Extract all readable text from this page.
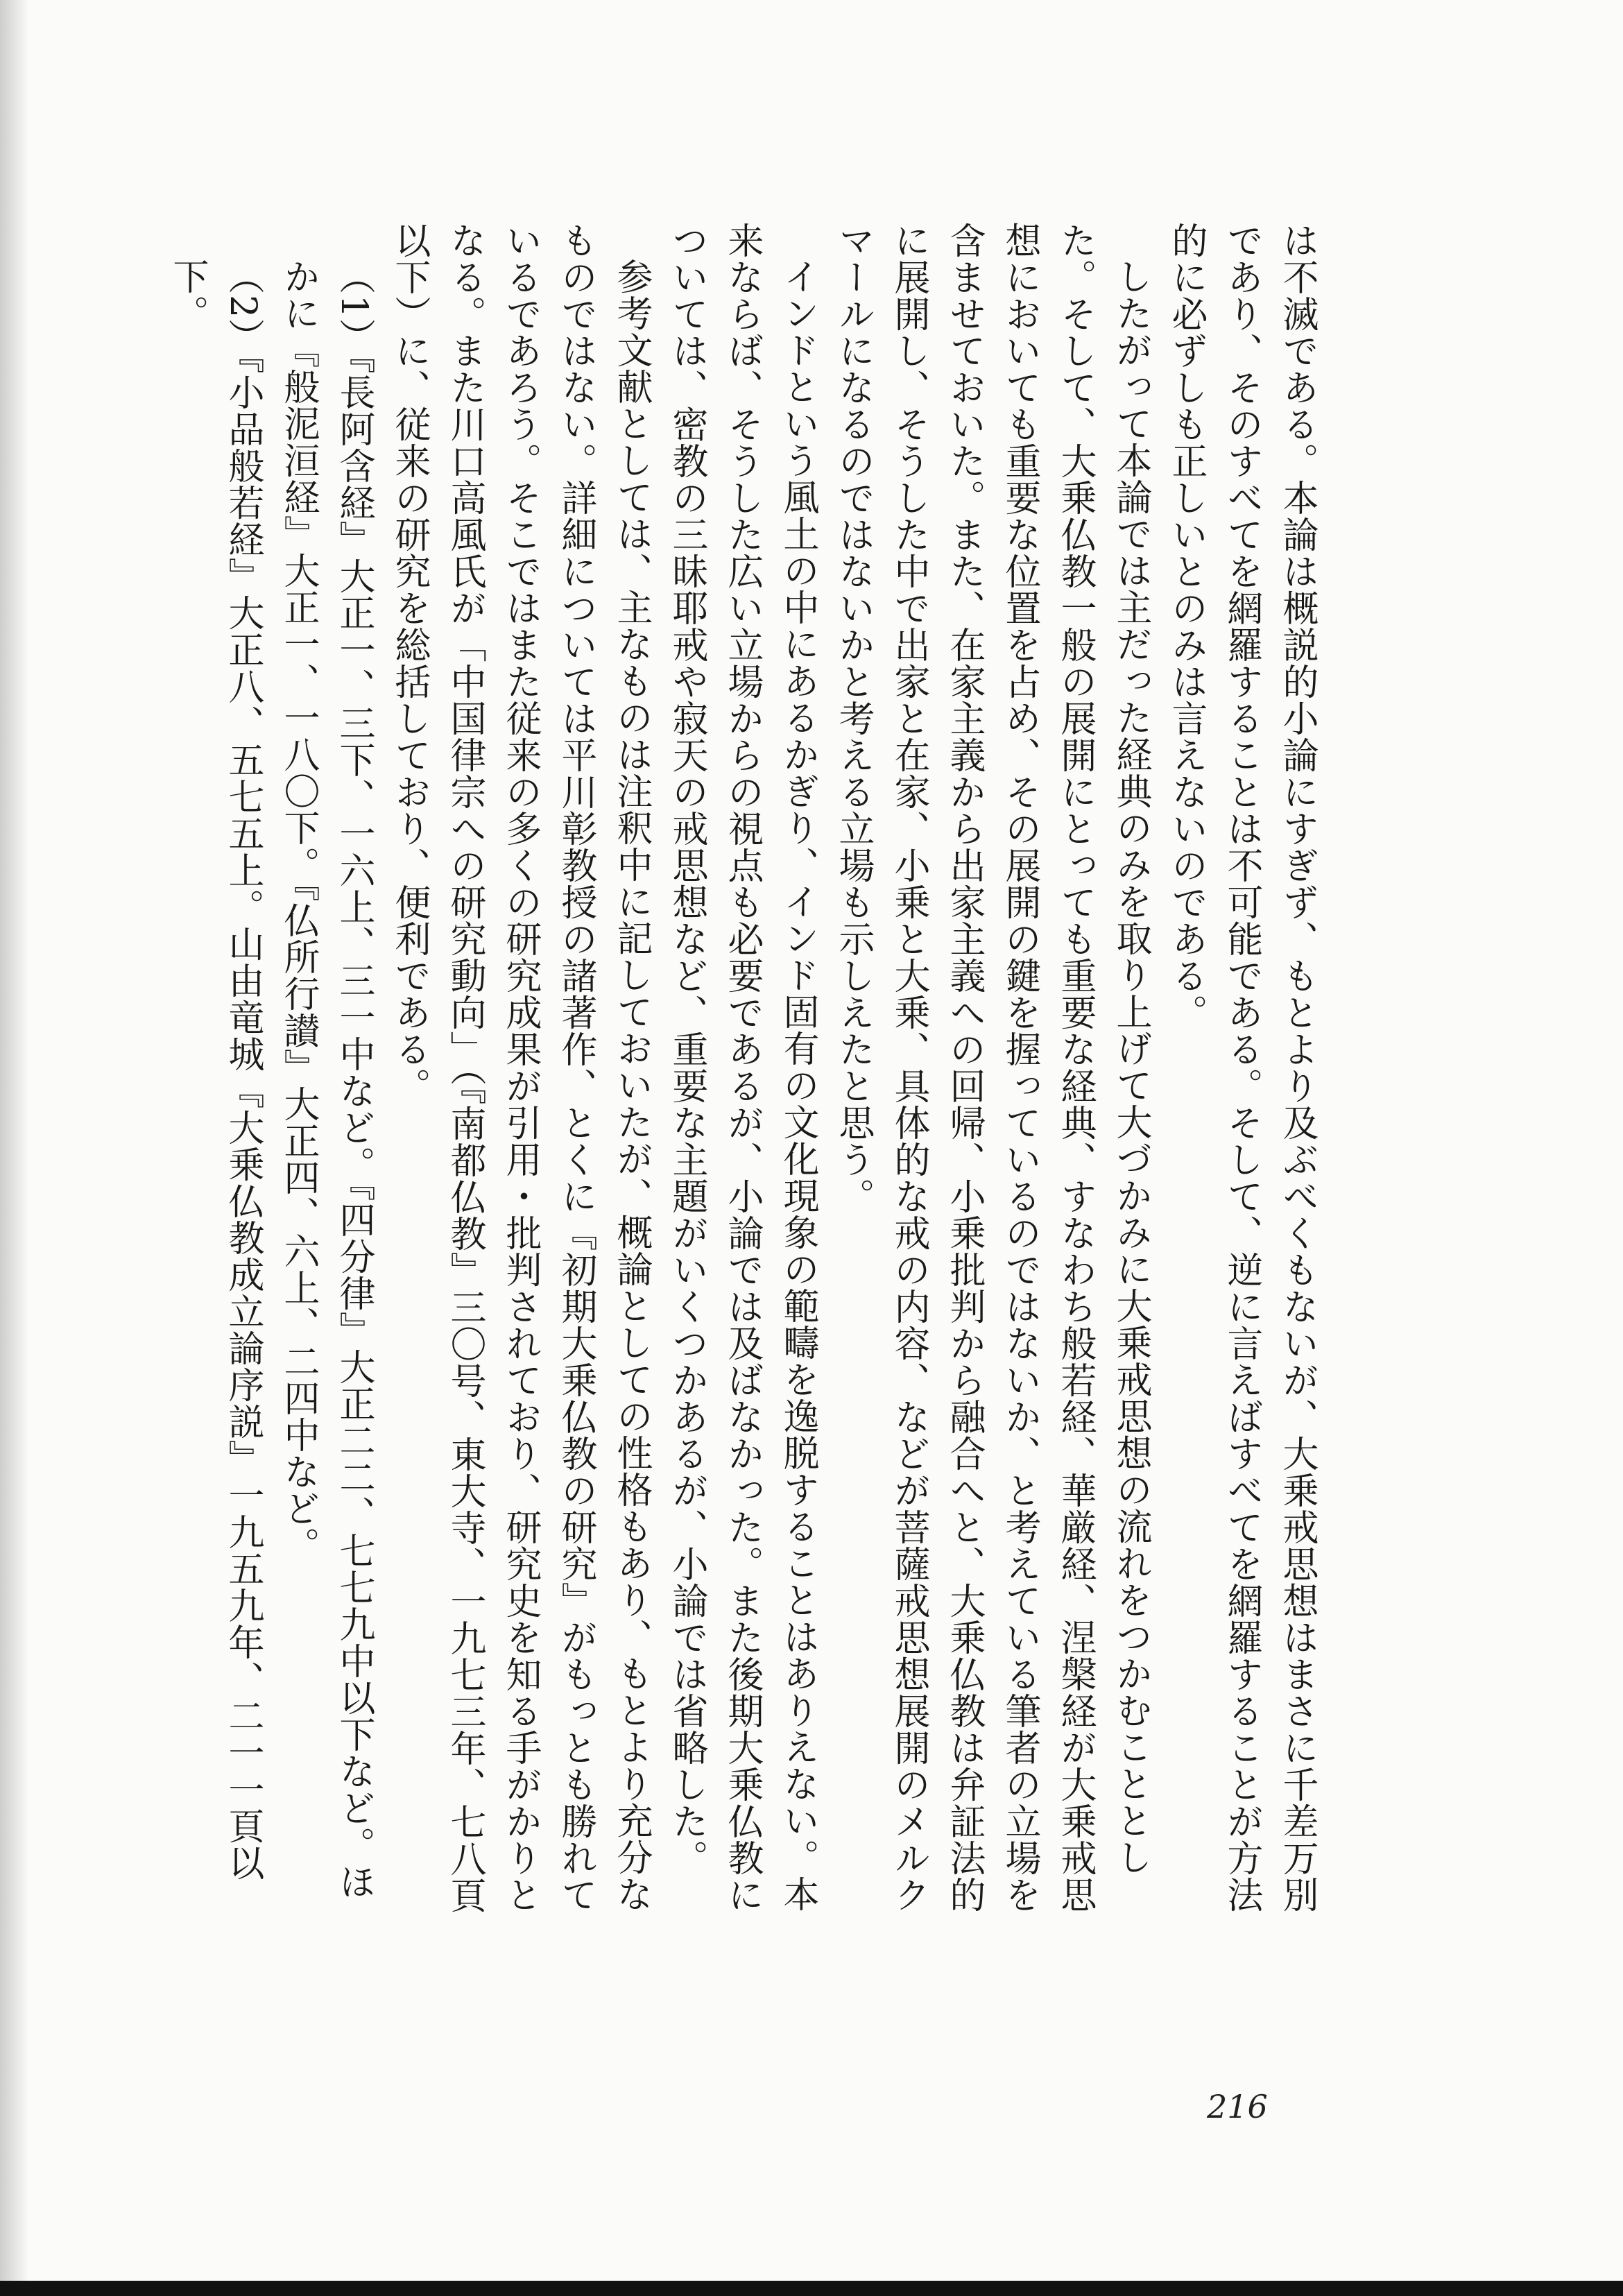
は不滅である。本論は概説的小論にすぎず、もとより及ぶべくもないが、大乗戒思想はまさに千差万別であり、そのすべてを網羅することは不可能である。そして、逆に言えばすべてを網羅することが方法的に必ずしも正しいとのみは言えないのである。

したがって本論では主だった経典のみを取り上げて大づかみに大乗戒思想の流れをつかむこととした。そして、大乗仏教一般の展開にとっても重要な経典、すなわち般若経、華厳経、涅槃経が大乗戒思想においても重要な位置を占め、その展開の鍵を握っているのではないか、と考えている筆者の立場を含ませておいた。また、在家主義から出家主義への回帰、小乗批判から融合へと、大乗仏教は弁証法的に展開し、そうした中で出家と在家、小乗と大乗、具体的な戒の内容、などが菩薩戒思想展開のメルクマールになるのではないかと考える立場も示しえたと思う。

インドという風土の中にあるかぎり、インド固有の文化現象の範疇を逸脱することはありえない。本来ならば、そうした広い立場からの視点も必要であるが、小論では及ばなかった。また後期大乗仏教については、密教の三昧耶戒や寂天の戒思想など、重要な主題がいくつかあるが、小論では省略した。

参考文献としては、主なものは注釈中に記しておいたが、概論としての性格もあり、もとより充分なものではない。詳細については平川彰教授の諸著作、とくに『初期大乗仏教の研究』がもっとも勝れているであろう。そこではまた従来の多くの研究成果が引用・批判されており、研究史を知る手がかりとなる。また川口高風氏が「中国律宗への研究動向」（『南都仏教』三〇号、東大寺、一九七三年、七八頁以下）に、従来の研究を総括しており、便利である。

（1）『長阿含経』大正一、三下、一六上、三一中など。『四分律』大正二二、七七九中以下など。ほかに『般泥洹経』大正一、一八〇下。『仏所行讃』大正四、六上、二四中など。

（2）『小品般若経』大正八、五七五上。山由竜城『大乗仏教成立論序説』一九五九年、二一一頁以下。

216
